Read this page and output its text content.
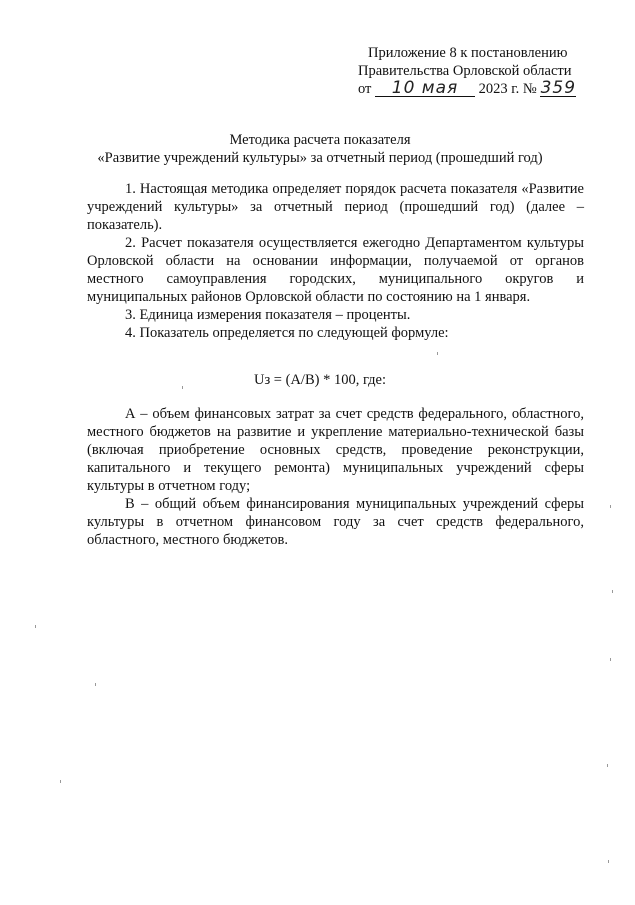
Приложение 8 к постановлению
Правительства Орловской области
от 10 мая 2023 г. № 359
Методика расчета показателя
«Развитие учреждений культуры» за отчетный период (прошедший год)

1. Настоящая методика определяет порядок расчета показателя «Развитие учреждений культуры» за отчетный период (прошедший год) (далее – показатель).

2. Расчет показателя осуществляется ежегодно Департаментом культуры Орловской области на основании информации, получаемой от органов местного самоуправления городских, муниципального округов и муниципальных районов Орловской области по состоянию на 1 января.

3. Единица измерения показателя – проценты.

4. Показатель определяется по следующей формуле:

Uз = (A/B) * 100, где:

А – объем финансовых затрат за счет средств федерального, областного, местного бюджетов на развитие и укрепление материально-технической базы (включая приобретение основных средств, проведение реконструкции, капитального и текущего ремонта) муниципальных учреждений сферы культуры в отчетном году;

В – общий объем финансирования муниципальных учреждений сферы культуры в отчетном финансовом году за счет средств федерального, областного, местного бюджетов.
